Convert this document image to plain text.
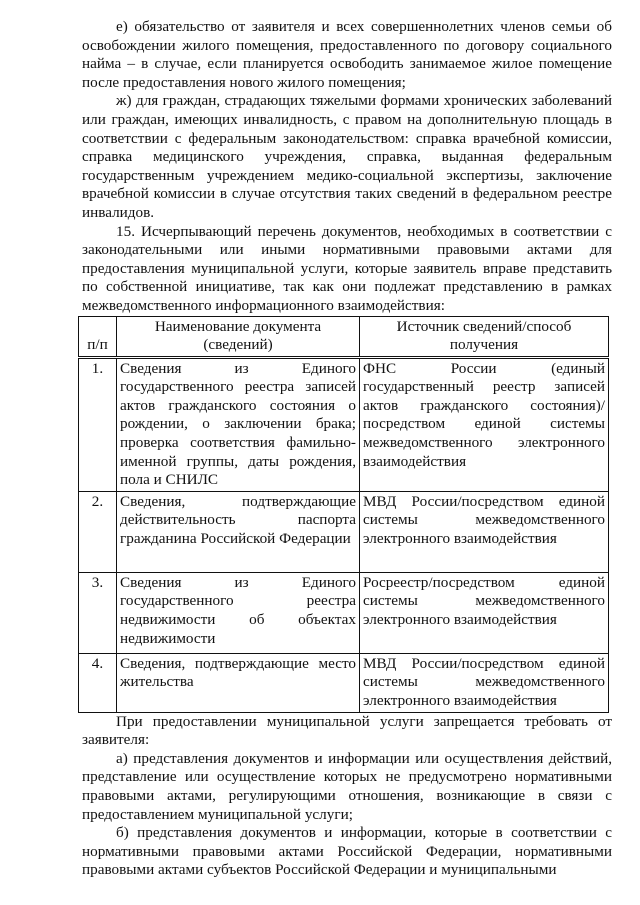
е) обязательство от заявителя и всех совершеннолетних членов семьи об освобождении жилого помещения, предоставленного по договору социального найма – в случае, если планируется освободить занимаемое жилое помещение после предоставления нового жилого помещения;

ж) для граждан, страдающих тяжелыми формами хронических заболеваний или граждан, имеющих инвалидность, с правом на дополнительную площадь в соответствии с федеральным законодательством: справка врачебной комиссии, справка медицинского учреждения, справка, выданная федеральным государственным учреждением медико-социальной экспертизы, заключение врачебной комиссии в случае отсутствия таких сведений в федеральном реестре инвалидов.

15. Исчерпывающий перечень документов, необходимых в соответствии с законодательными или иными нормативными правовыми актами для предоставления муниципальной услуги, которые заявитель вправе представить по собственной инициативе, так как они подлежат представлению в рамках межведомственного информационного взаимодействия:

п/п	Наименование документа (сведений)	Источник сведений/способ получения
1.	Сведения из Единого государственного реестра записей актов гражданского состояния о рождении, о заключении брака; проверка соответствия фамильно-именной группы, даты рождения, пола и СНИЛС	ФНС России (единый государственный реестр записей актов гражданского состояния)/посредством единой системы межведомственного электронного взаимодействия
2.	Сведения, подтверждающие действительность паспорта гражданина Российской Федерации	МВД России/посредством единой системы межведомственного электронного взаимодействия
3.	Сведения из Единого государственного реестра недвижимости об объектах недвижимости	Росреестр/посредством единой системы межведомственного электронного взаимодействия
4.	Сведения, подтверждающие место жительства	МВД России/посредством единой системы межведомственного электронного взаимодействия

При предоставлении муниципальной услуги запрещается требовать от заявителя:

а) представления документов и информации или осуществления действий, представление или осуществление которых не предусмотрено нормативными правовыми актами, регулирующими отношения, возникающие в связи с предоставлением муниципальной услуги;

б) представления документов и информации, которые в соответствии с нормативными правовыми актами Российской Федерации, нормативными правовыми актами субъектов Российской Федерации и муниципальными
